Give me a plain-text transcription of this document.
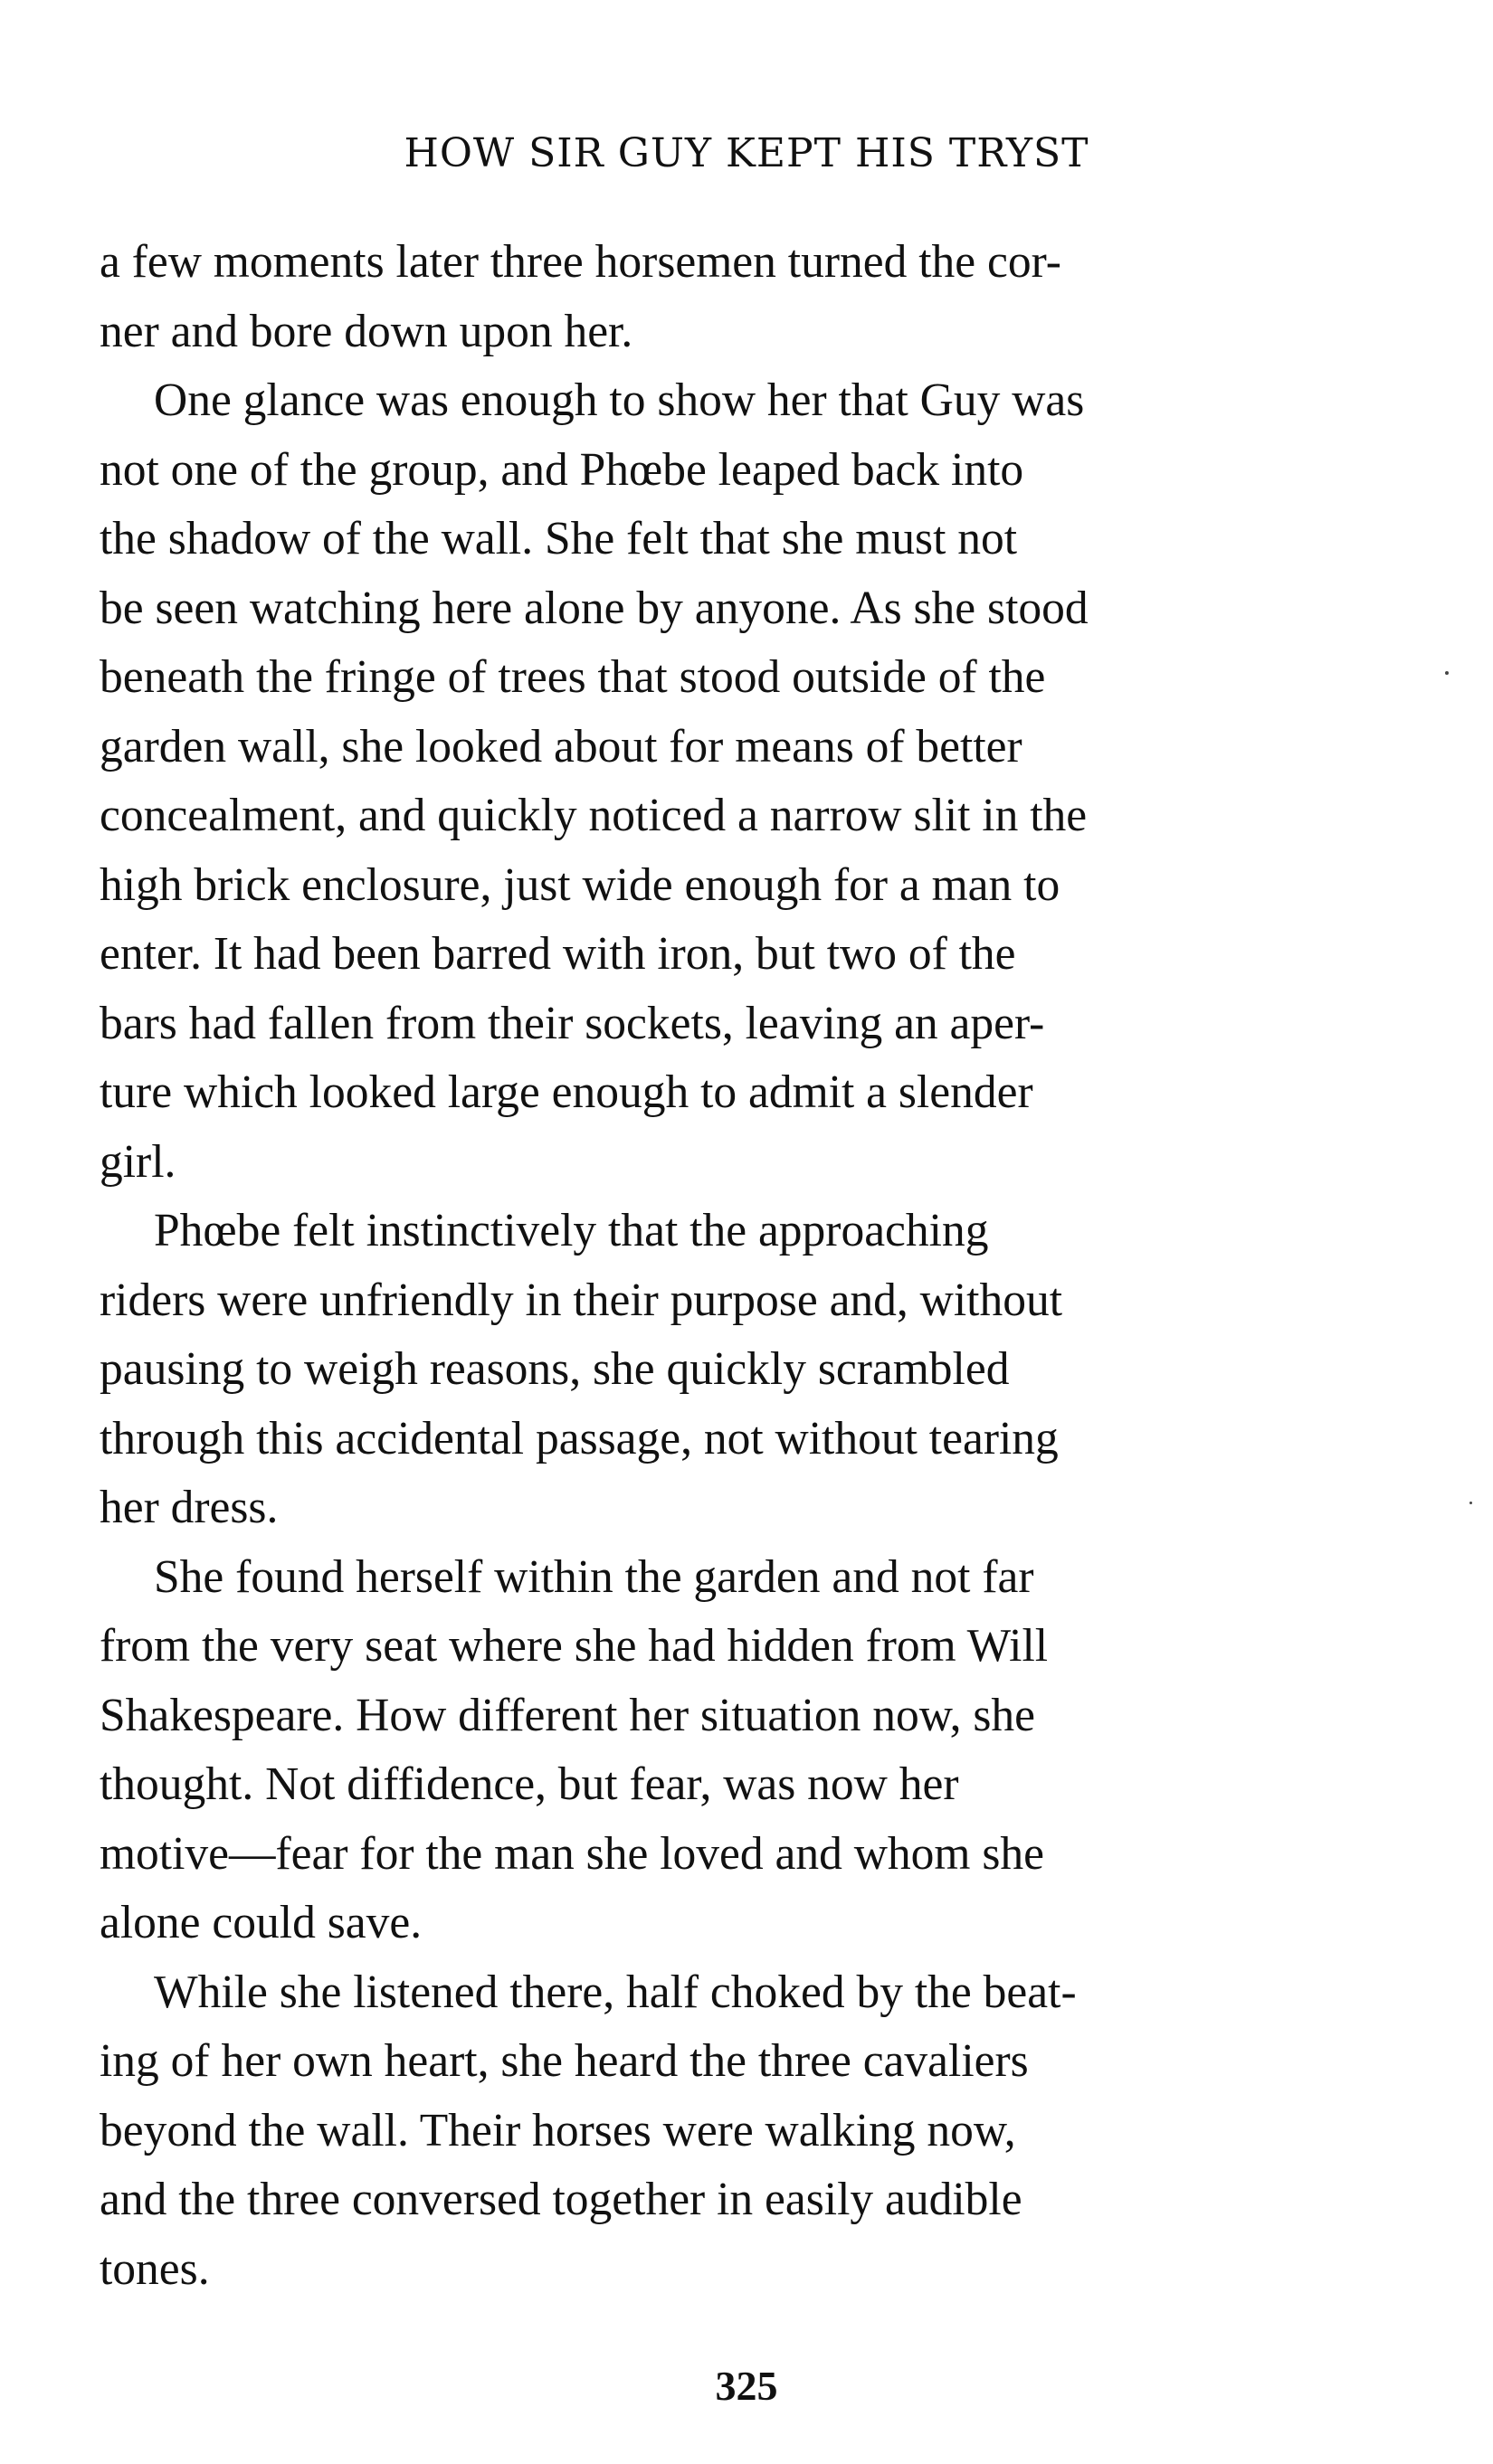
HOW SIR GUY KEPT HIS TRYST

a few moments later three horsemen turned the cor-
ner and bore down upon her.

One glance was enough to show her that Guy was
not one of the group, and Phœbe leaped back into
the shadow of the wall. She felt that she must not
be seen watching here alone by anyone. As she stood
beneath the fringe of trees that stood outside of the
garden wall, she looked about for means of better
concealment, and quickly noticed a narrow slit in the
high brick enclosure, just wide enough for a man to
enter. It had been barred with iron, but two of the
bars had fallen from their sockets, leaving an aper-
ture which looked large enough to admit a slender
girl.

Phœbe felt instinctively that the approaching
riders were unfriendly in their purpose and, without
pausing to weigh reasons, she quickly scrambled
through this accidental passage, not without tearing
her dress.

She found herself within the garden and not far
from the very seat where she had hidden from Will
Shakespeare. How different her situation now, she
thought. Not diffidence, but fear, was now her
motive—fear for the man she loved and whom she
alone could save.

While she listened there, half choked by the beat-
ing of her own heart, she heard the three cavaliers
beyond the wall. Their horses were walking now,
and the three conversed together in easily audible
tones.

325
